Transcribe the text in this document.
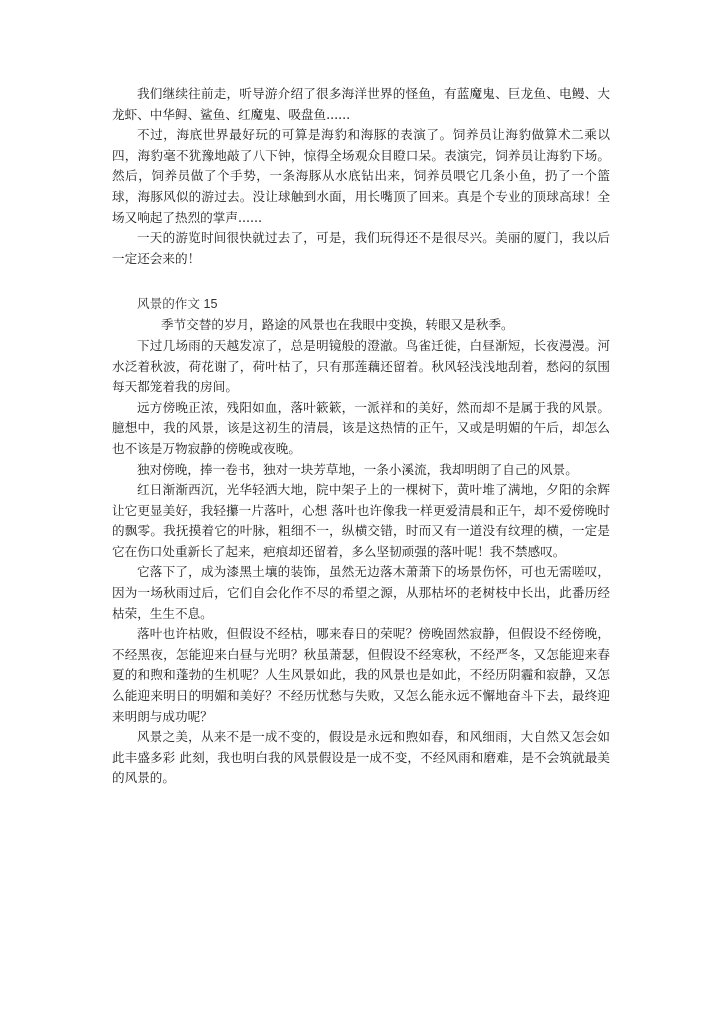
我们继续往前走，听导游介绍了很多海洋世界的怪鱼，有蓝魔鬼、巨龙鱼、电鳗、大龙虾、中华鲟、鲨鱼、红魔鬼、吸盘鱼......

不过，海底世界最好玩的可算是海豹和海豚的表演了。饲养员让海豹做算术二乘以四，海豹毫不犹豫地敲了八下钟，惊得全场观众目瞪口呆。表演完，饲养员让海豹下场。然后，饲养员做了个手势，一条海豚从水底钻出来，饲养员喂它几条小鱼，扔了一个篮球，海豚风似的游过去。没让球触到水面，用长嘴顶了回来。真是个专业的顶球高球！全场又响起了热烈的掌声......

一天的游览时间很快就过去了，可是，我们玩得还不是很尽兴。美丽的厦门，我以后一定还会来的！

风景的作文 15

季节交替的岁月，路途的风景也在我眼中变换，转眼又是秋季。

下过几场雨的天越发凉了，总是明镜般的澄澈。鸟雀迁徙，白昼渐短，长夜漫漫。河水泛着秋波，荷花谢了，荷叶枯了，只有那莲藕还留着。秋风轻浅浅地刮着，愁闷的氛围每天都笼着我的房间。

远方傍晚正浓，残阳如血，落叶簌簌，一派祥和的美好，然而却不是属于我的风景。臆想中，我的风景，该是这初生的清晨，该是这热情的正午，又或是明媚的午后，却怎么也不该是万物寂静的傍晚或夜晚。

独对傍晚，捧一卷书，独对一块芳草地，一条小溪流，我却明朗了自己的风景。

红日渐渐西沉，光华轻洒大地，院中架子上的一棵树下，黄叶堆了满地，夕阳的余辉让它更显美好，我轻攥一片落叶，心想 落叶也许像我一样更爱清晨和正午，却不爱傍晚时的飘零。我抚摸着它的叶脉，粗细不一，纵横交错，时而又有一道没有纹理的横，一定是它在伤口处重新长了起来，疤痕却还留着，多么坚韧顽强的落叶呢！我不禁感叹。

它落下了，成为漆黑土壤的装饰，虽然无边落木萧萧下的场景伤怀，可也无需嗟叹，因为一场秋雨过后，它们自会化作不尽的希望之源，从那枯坏的老树枝中长出，此番历经枯荣，生生不息。

落叶也许枯败，但假设不经枯，哪来春日的荣呢？傍晚固然寂静，但假设不经傍晚，不经黑夜，怎能迎来白昼与光明？秋虽萧瑟，但假设不经寒秋，不经严冬，又怎能迎来春夏的和煦和蓬勃的生机呢？人生风景如此，我的风景也是如此，不经历阴霾和寂静，又怎么能迎来明日的明媚和美好？不经历忧愁与失败，又怎么能永远不懈地奋斗下去，最终迎来明朗与成功呢？

风景之美，从来不是一成不变的，假设是永远和煦如春，和风细雨，大自然又怎会如此丰盛多彩 此刻，我也明白我的风景假设是一成不变，不经风雨和磨难，是不会筑就最美的风景的。
